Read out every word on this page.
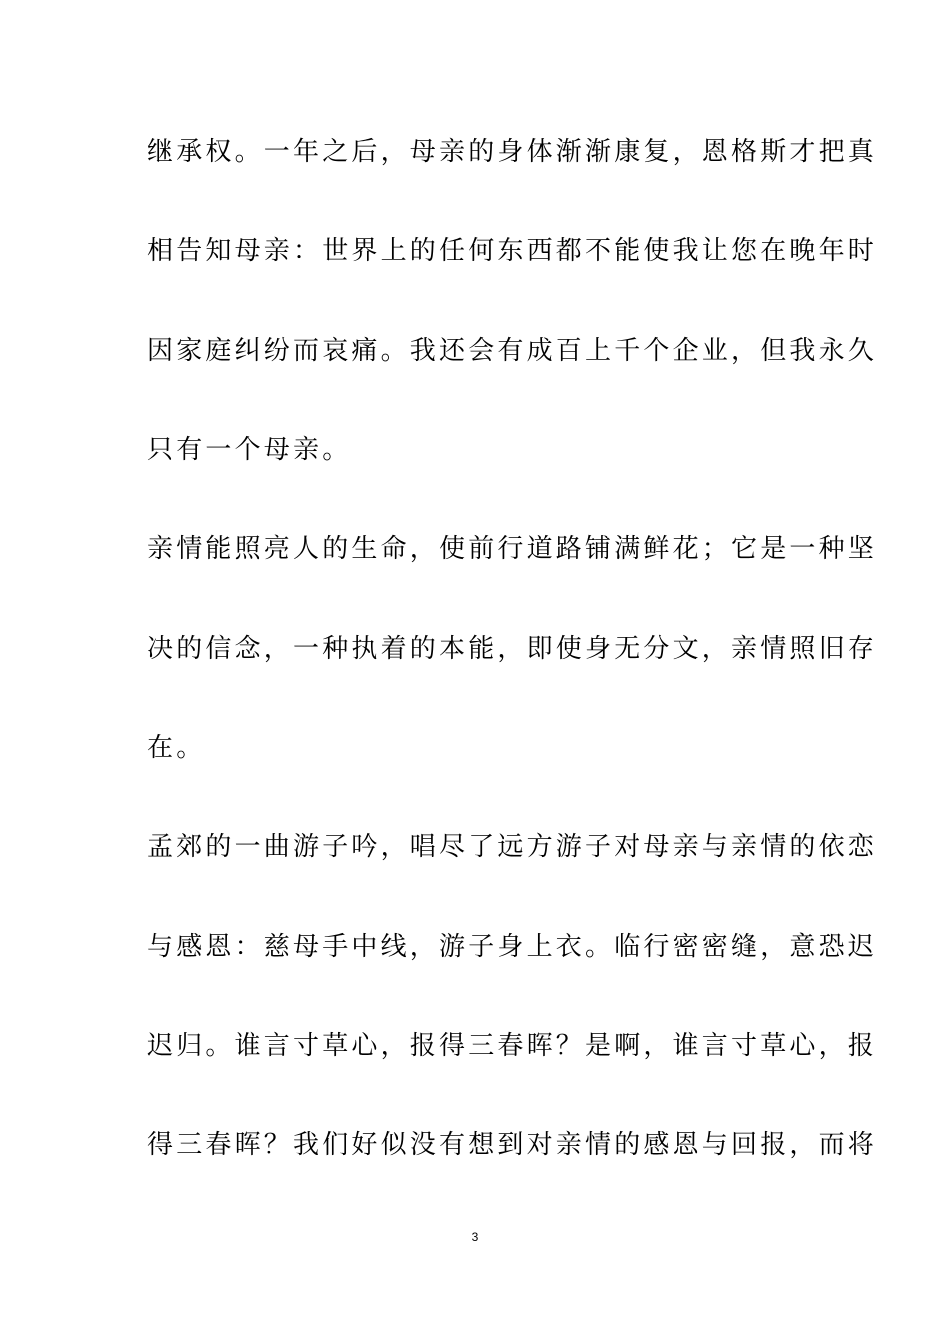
继承权。一年之后，母亲的身体渐渐康复，恩格斯才把真

相告知母亲：世界上的任何东西都不能使我让您在晚年时

因家庭纠纷而哀痛。我还会有成百上千个企业，但我永久

只有一个母亲。

亲情能照亮人的生命，使前行道路铺满鲜花；它是一种坚

决的信念，一种执着的本能，即使身无分文，亲情照旧存

在。

孟郊的一曲游子吟，唱尽了远方游子对母亲与亲情的依恋

与感恩：慈母手中线，游子身上衣。临行密密缝，意恐迟

迟归。谁言寸草心，报得三春晖？是啊，谁言寸草心，报

得三春晖？我们好似没有想到对亲情的感恩与回报，而将

3
